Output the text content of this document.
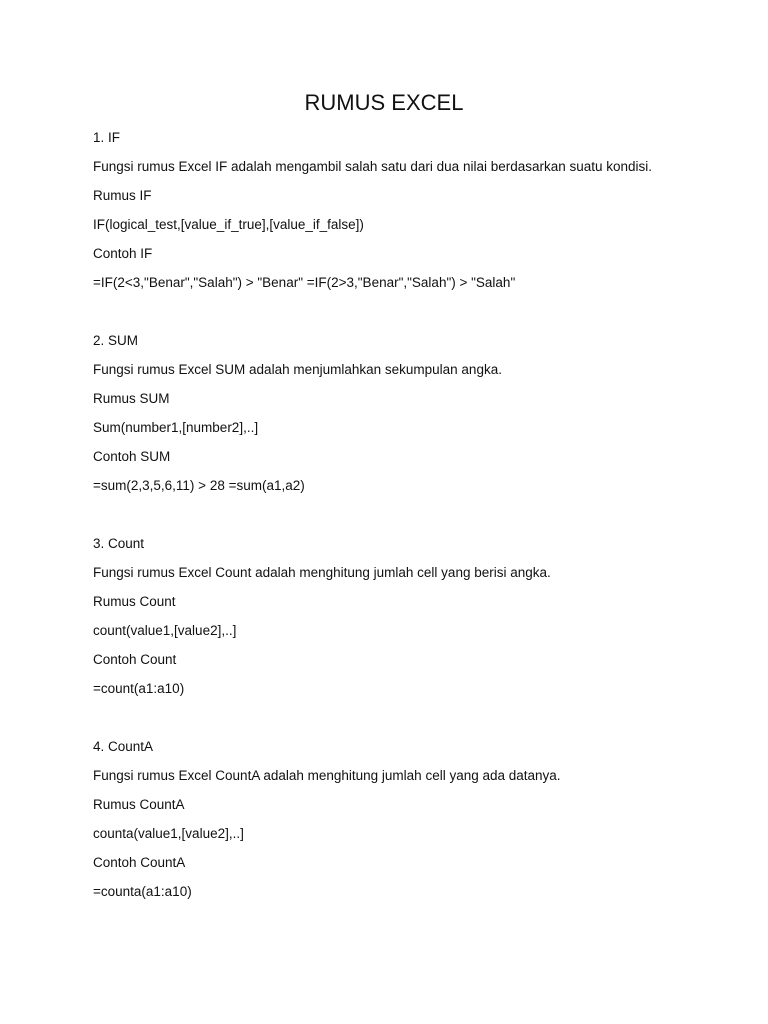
RUMUS EXCEL

1. IF

Fungsi rumus Excel IF adalah mengambil salah satu dari dua nilai berdasarkan suatu kondisi.

Rumus IF

IF(logical_test,[value_if_true],[value_if_false])

Contoh IF

=IF(2<3,"Benar","Salah") > "Benar" =IF(2>3,"Benar","Salah") > "Salah"

2. SUM

Fungsi rumus Excel SUM adalah menjumlahkan sekumpulan angka.

Rumus SUM

Sum(number1,[number2],..]

Contoh SUM

=sum(2,3,5,6,11) > 28 =sum(a1,a2)

3. Count

Fungsi rumus Excel Count adalah menghitung jumlah cell yang berisi angka.

Rumus Count

count(value1,[value2],..]

Contoh Count

=count(a1:a10)

4. CountA

Fungsi rumus Excel CountA adalah menghitung jumlah cell yang ada datanya.

Rumus CountA

counta(value1,[value2],..]

Contoh CountA

=counta(a1:a10)
